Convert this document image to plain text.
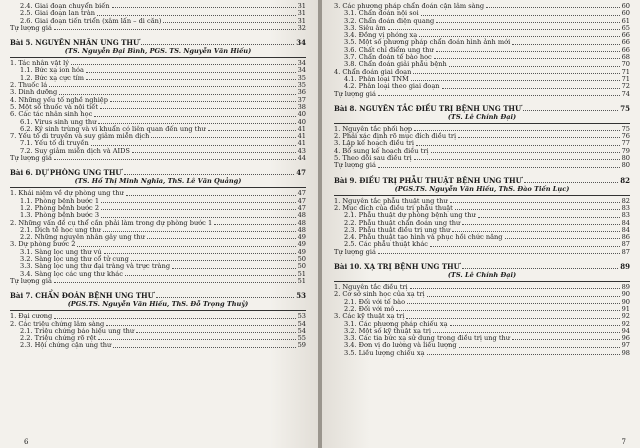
2.4. Giai đoạn chuyển biến	31
2.5. Giai đoạn lan tràn	31
2.6. Giai đoạn tiến triển (xâm lấn – di căn)	31
Tự lượng giá	32
Bài 5. NGUYÊN NHÂN UNG THƯ	34
(TS. Nguyễn Đại Bình, PGS. TS. Nguyễn Văn Hiếu)
1. Tác nhân vật lý	34
1.1. Bức xạ ion hóa	34
1.2. Bức xạ cực tím	35
2. Thuốc lá	35
3. Dinh dưỡng	36
4. Những yếu tố nghề nghiệp	37
5. Một số thuốc và nội tiết	38
6. Các tác nhân sinh học	40
6.1. Virus sinh ung thư	40
6.2. Ký sinh trùng và vi khuẩn có liên quan đến ung thư	41
7. Yếu tố di truyền và suy giảm miễn dịch	41
7.1. Yếu tố di truyền	41
7.2. Suy giảm miễn dịch và AIDS	43
Tự lượng giá	44
Bài 6. DỰ PHÒNG UNG THƯ	47
(TS. Hồ Thị Minh Nghĩa, ThS. Lê Văn Quảng)
1. Khái niệm về dự phòng ung thư	47
1.1. Phòng bệnh bước 1	47
1.2. Phòng bệnh bước 2	47
1.3. Phòng bệnh bước 3	48
2. Những vấn đề cụ thể cần phải làm trong dự phòng bước 1	48
2.1. Dịch tễ học ung thư	48
2.2. Những nguyên nhân gây ung thư	49
3. Dự phòng bước 2	49
3.1. Sàng lọc ung thư vú	49
3.2. Sàng lọc ung thư cổ tử cung	50
3.3. Sàng lọc ung thư đại tràng và trực tràng	50
3.4. Sàng lọc các ung thư khác	51
Tự lượng giá	51
Bài 7. CHẨN ĐOÁN BỆNH UNG THƯ	53
(PGS.TS. Nguyễn Văn Hiếu, ThS. Đỗ Trọng Thuỷ)
1. Đại cương	53
2. Các triệu chứng lâm sàng	54
2.1. Triệu chứng báo hiệu ung thư	54
2.2. Triệu chứng rõ rệt	55
2.3. Hội chứng cận ung thư	59
6
3. Các phương pháp chẩn đoán cận lâm sàng	60
3.1. Chẩn đoán nội soi	60
3.2. Chẩn đoán điện quang	61
3.3. Siêu âm	65
3.4. Đồng vị phóng xạ	66
3.5. Một số phương pháp chẩn đoán hình ảnh mới	66
3.6. Chất chỉ điểm ung thư	66
3.7. Chẩn đoán tế bào học	68
3.8. Chẩn đoán giải phẫu bệnh	70
4. Chẩn đoán giai đoạn	71
4.1. Phân loại TNM	71
4.2. Phân loại theo giai đoạn	72
Tự lượng giá	74
Bài 8. NGUYÊN TẮC ĐIỀU TRỊ BỆNH UNG THƯ	75
(TS. Lê Chính Đại)
1. Nguyên tắc phối hợp	75
2. Phải xác định rõ mục đích điều trị	76
3. Lập kế hoạch điều trị	77
4. Bổ sung kế hoạch điều trị	79
5. Theo dõi sau điều trị	80
Tự lượng giá	80
Bài 9. ĐIỀU TRỊ PHẪU THUẬT BỆNH UNG THƯ	82
(PGS.TS. Nguyễn Văn Hiếu, ThS. Đào Tiến Lục)
1. Nguyên tắc phẫu thuật ung thư	82
2. Mục đích của điều trị phẫu thuật	83
2.1. Phẫu thuật dự phòng bệnh ung thư	83
2.2. Phẫu thuật chẩn đoán ung thư	84
2.3. Phẫu thuật điều trị ung thư	84
2.4. Phẫu thuật tạo hình và phục hồi chức năng	86
2.5. Các phẫu thuật khác	87
Tự lượng giá	87
Bài 10. XẠ TRỊ BỆNH UNG THƯ	89
(TS. Lê Chính Đại)
1. Nguyên tắc điều trị	89
2. Cơ sở sinh học của xạ trị	90
2.1. Đối với tế bào	90
2.2. Đối với mô	91
3. Các kỹ thuật xạ trị	92
3.1. Các phương pháp chiếu xạ	92
3.2. Một số kỹ thuật xạ trị	94
3.3. Các tia bức xạ sử dụng trong điều trị ung thư	96
3.4. Đơn vị đo lường và liều lượng	97
3.5. Liều lượng chiếu xạ	98
7
